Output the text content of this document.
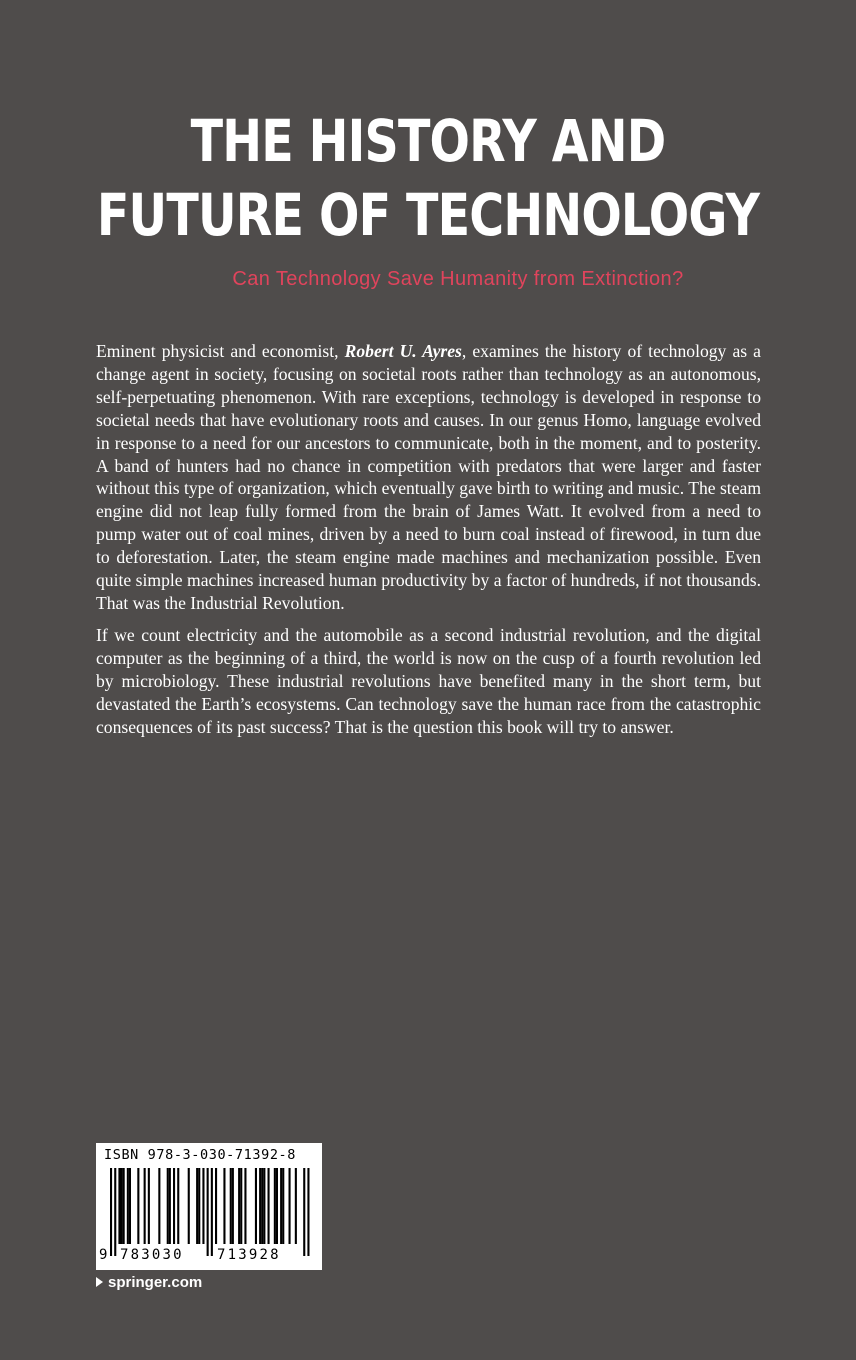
THE HISTORY AND
FUTURE OF TECHNOLOGY

Can Technology Save Humanity from Extinction?

Eminent physicist and economist, Robert U. Ayres, examines the history of technology as a change agent in society, focusing on societal roots rather than technology as an autonomous, self-perpetuating phenomenon. With rare exceptions, technology is developed in response to societal needs that have evolutionary roots and causes. In our genus Homo, language evolved in response to a need for our ancestors to communicate, both in the moment, and to posterity. A band of hunters had no chance in competition with predators that were larger and faster without this type of organization, which eventually gave birth to writing and music. The steam engine did not leap fully formed from the brain of James Watt. It evolved from a need to pump water out of coal mines, driven by a need to burn coal instead of firewood, in turn due to deforestation. Later, the steam engine made machines and mechanization possible. Even quite simple machines increased human productivity by a factor of hundreds, if not thousands. That was the Industrial Revolution.

If we count electricity and the automobile as a second industrial revolution, and the digital computer as the beginning of a third, the world is now on the cusp of a fourth revolution led by microbiology. These industrial revolutions have benefited many in the short term, but devastated the Earth’s ecosystems. Can technology save the human race from the catastrophic consequences of its past success? That is the question this book will try to answer.

ISBN 978-3-030-71392-8
9 783030 713928
springer.com
